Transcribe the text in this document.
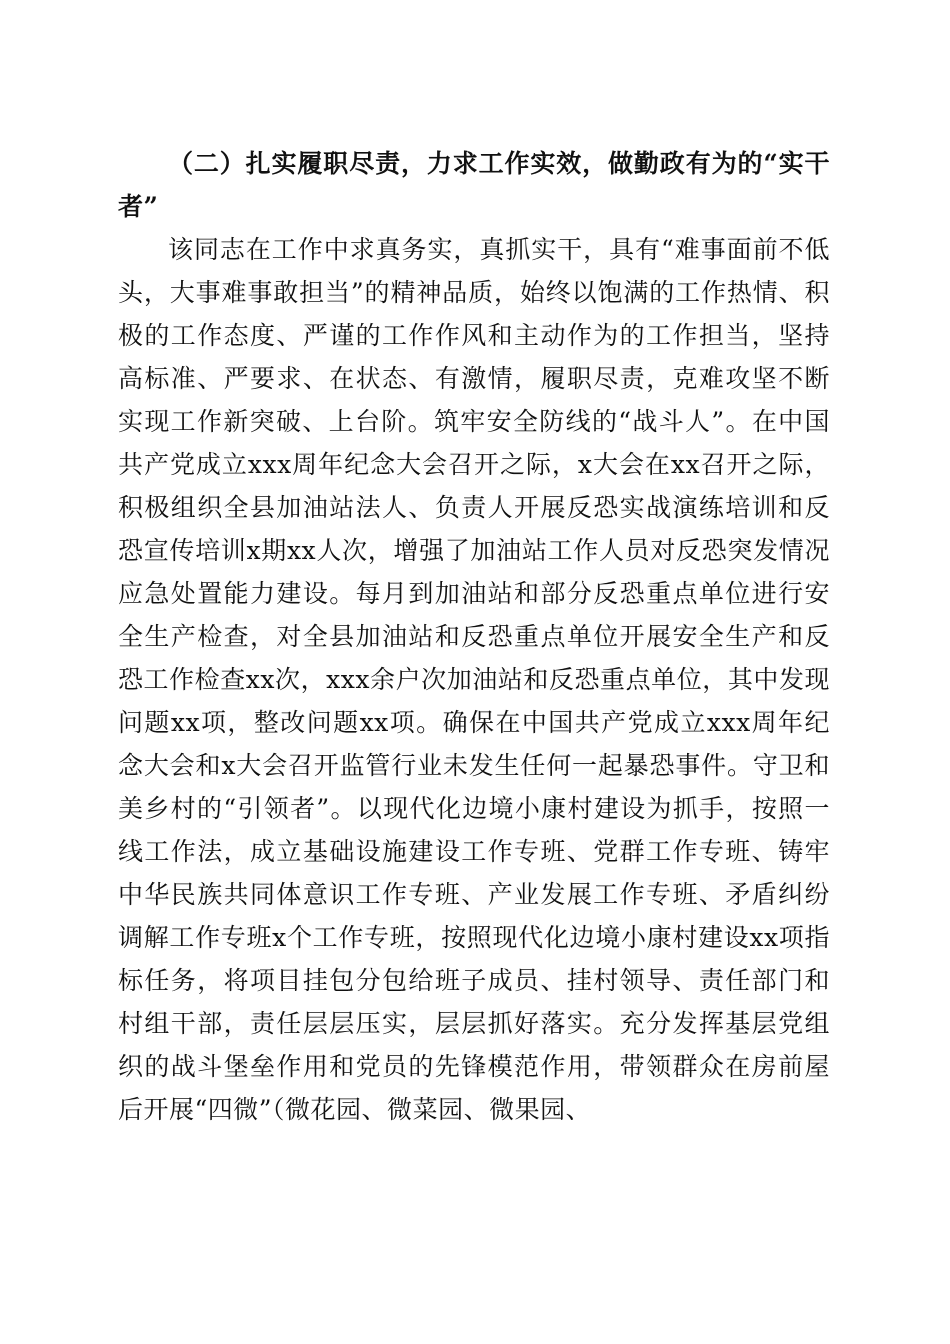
（二）扎实履职尽责，力求工作实效，做勤政有为的“实干者”

该同志在工作中求真务实，真抓实干，具有“难事面前不低头，大事难事敢担当”的精神品质，始终以饱满的工作热情、积极的工作态度、严谨的工作作风和主动作为的工作担当，坚持高标准、严要求、在状态、有激情，履职尽责，克难攻坚不断实现工作新突破、上台阶。筑牢安全防线的“战斗人”。在中国共产党成立xxx周年纪念大会召开之际，x大会在xx召开之际，积极组织全县加油站法人、负责人开展反恐实战演练培训和反恐宣传培训x期xx人次，增强了加油站工作人员对反恐突发情况应急处置能力建设。每月到加油站和部分反恐重点单位进行安全生产检查，对全县加油站和反恐重点单位开展安全生产和反恐工作检查xx次，xxx余户次加油站和反恐重点单位，其中发现问题xx项，整改问题xx项。确保在中国共产党成立xxx周年纪念大会和x大会召开监管行业未发生任何一起暴恐事件。守卫和美乡村的“引领者”。以现代化边境小康村建设为抓手，按照一线工作法，成立基础设施建设工作专班、党群工作专班、铸牢中华民族共同体意识工作专班、产业发展工作专班、矛盾纠纷调解工作专班x个工作专班，按照现代化边境小康村建设xx项指标任务，将项目挂包分包给班子成员、挂村领导、责任部门和村组干部，责任层层压实，层层抓好落实。充分发挥基层党组织的战斗堡垒作用和党员的先锋模范作用，带领群众在房前屋后开展“四微”（微花园、微菜园、微果园、
